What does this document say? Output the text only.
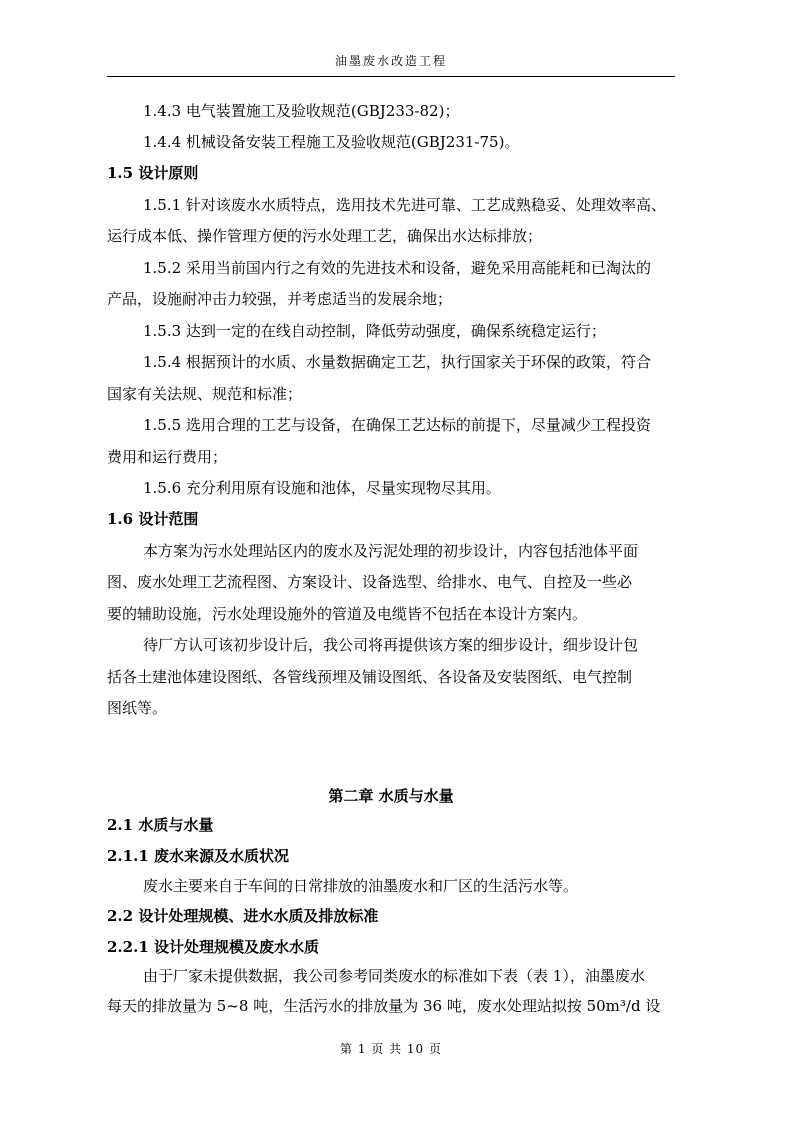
油墨废水改造工程
1.4.3 电气装置施工及验收规范(GBJ233-82)；
1.4.4 机械设备安装工程施工及验收规范(GBJ231-75)。
1.5 设计原则
1.5.1 针对该废水水质特点，选用技术先进可靠、工艺成熟稳妥、处理效率高、
运行成本低、操作管理方便的污水处理工艺，确保出水达标排放；
1.5.2 采用当前国内行之有效的先进技术和设备，避免采用高能耗和已淘汰的
产品，设施耐冲击力较强，并考虑适当的发展余地；
1.5.3 达到一定的在线自动控制，降低劳动强度，确保系统稳定运行；
1.5.4 根据预计的水质、水量数据确定工艺，执行国家关于环保的政策，符合
国家有关法规、规范和标准；
1.5.5 选用合理的工艺与设备，在确保工艺达标的前提下，尽量减少工程投资
费用和运行费用；
1.5.6 充分利用原有设施和池体，尽量实现物尽其用。
1.6 设计范围
本方案为污水处理站区内的废水及污泥处理的初步设计，内容包括池体平面
图、废水处理工艺流程图、方案设计、设备选型、给排水、电气、自控及一些必
要的辅助设施，污水处理设施外的管道及电缆皆不包括在本设计方案内。
待厂方认可该初步设计后，我公司将再提供该方案的细步设计，细步设计包
括各土建池体建设图纸、各管线预埋及铺设图纸、各设备及安装图纸、电气控制
图纸等。
第二章 水质与水量
2.1 水质与水量
2.1.1 废水来源及水质状况
废水主要来自于车间的日常排放的油墨废水和厂区的生活污水等。
2.2 设计处理规模、进水水质及排放标准
2.2.1 设计处理规模及废水水质
由于厂家未提供数据，我公司参考同类废水的标准如下表（表 1），油墨废水
每天的排放量为 5~8 吨，生活污水的排放量为 36 吨，废水处理站拟按 50m³/d 设
第 1 页 共 10 页
